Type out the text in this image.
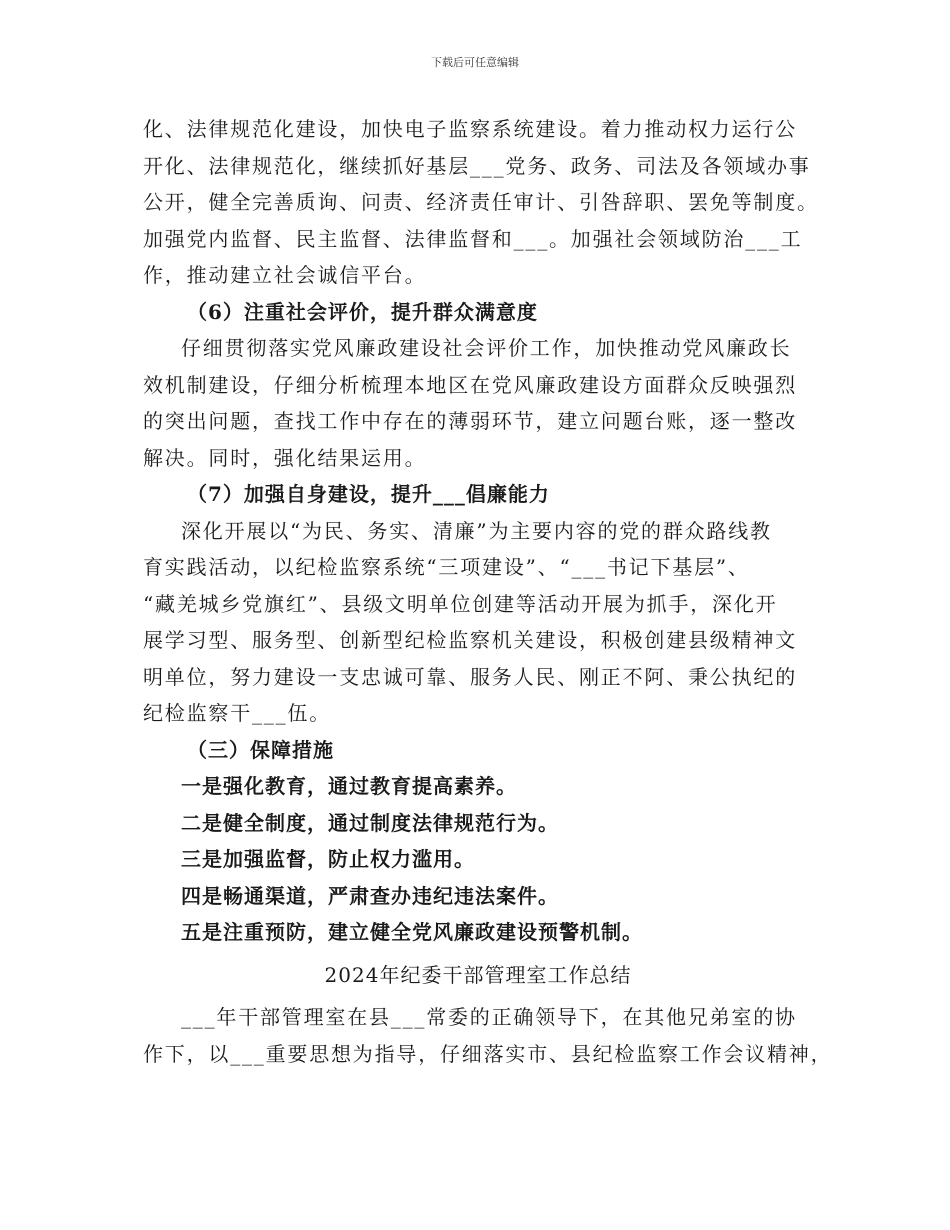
下载后可任意编辑
化、法律规范化建设，加快电子监察系统建设。着力推动权力运行公
开化、法律规范化，继续抓好基层___党务、政务、司法及各领域办事
公开，健全完善质询、问责、经济责任审计、引咎辞职、罢免等制度。
加强党内监督、民主监督、法律监督和___。加强社会领域防治___工
作，推动建立社会诚信平台。
（6）注重社会评价，提升群众满意度
仔细贯彻落实党风廉政建设社会评价工作，加快推动党风廉政长
效机制建设，仔细分析梳理本地区在党风廉政建设方面群众反映强烈
的突出问题，查找工作中存在的薄弱环节，建立问题台账，逐一整改
解决。同时，强化结果运用。
（7）加强自身建设，提升___倡廉能力
深化开展以“为民、务实、清廉”为主要内容的党的群众路线教
育实践活动，以纪检监察系统“三项建设”、“___书记下基层”、
“藏羌城乡党旗红”、县级文明单位创建等活动开展为抓手，深化开
展学习型、服务型、创新型纪检监察机关建设，积极创建县级精神文
明单位，努力建设一支忠诚可靠、服务人民、刚正不阿、秉公执纪的
纪检监察干___伍。
（三）保障措施
一是强化教育，通过教育提高素养。
二是健全制度，通过制度法律规范行为。
三是加强监督，防止权力滥用。
四是畅通渠道，严肃查办违纪违法案件。
五是注重预防，建立健全党风廉政建设预警机制。
2024年纪委干部管理室工作总结
___年干部管理室在县___常委的正确领导下，在其他兄弟室的协
作下，以___重要思想为指导，仔细落实市、县纪检监察工作会议精神，
